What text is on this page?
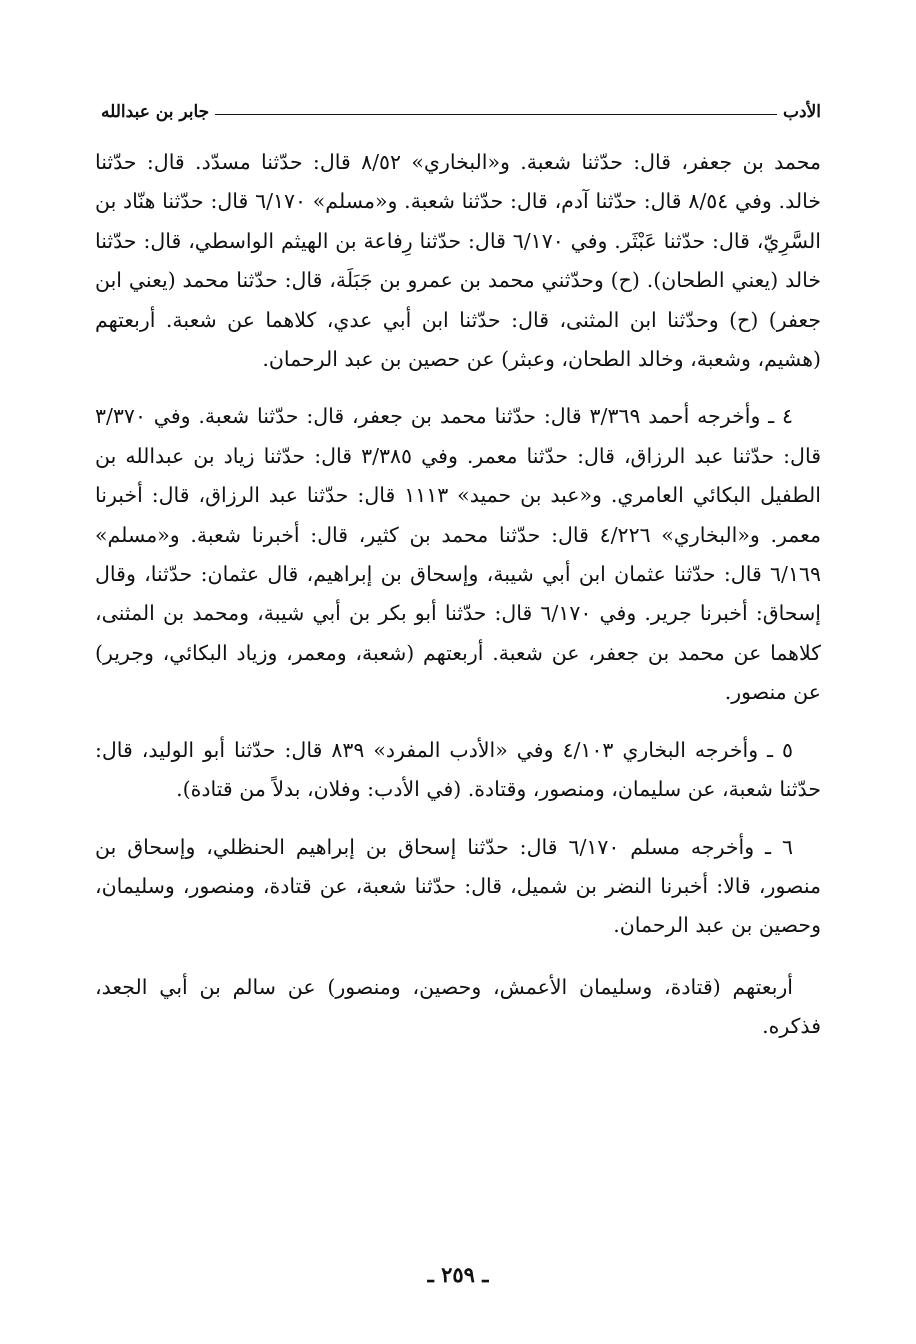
الأدب
جابر بن عبدالله

محمد بن جعفر، قال: حدّثنا شعبة. و«البخاري» ٨/٥٢ قال: حدّثنا مسدّد. قال: حدّثنا خالد. وفي ٨/٥٤ قال: حدّثنا آدم، قال: حدّثنا شعبة. و«مسلم» ٦/١٧٠ قال: حدّثنا هنّاد بن السَّرِيّ، قال: حدّثنا عَبْثَر. وفي ٦/١٧٠ قال: حدّثنا رِفاعة بن الهيثم الواسطي، قال: حدّثنا خالد (يعني الطحان). (ح) وحدّثني محمد بن عمرو بن جَبَلَة، قال: حدّثنا محمد (يعني ابن جعفر) (ح) وحدّثنا ابن المثنى، قال: حدّثنا ابن أبي عدي، كلاهما عن شعبة. أربعتهم (هشيم، وشعبة، وخالد الطحان، وعبثر) عن حصين بن عبد الرحمان.

٤ ـ وأخرجه أحمد ٣/٣٦٩ قال: حدّثنا محمد بن جعفر، قال: حدّثنا شعبة. وفي ٣/٣٧٠ قال: حدّثنا عبد الرزاق، قال: حدّثنا معمر. وفي ٣/٣٨٥ قال: حدّثنا زياد بن عبدالله بن الطفيل البكائي العامري. و«عبد بن حميد» ١١١٣ قال: حدّثنا عبد الرزاق، قال: أخبرنا معمر. و«البخاري» ٤/٢٢٦ قال: حدّثنا محمد بن كثير، قال: أخبرنا شعبة. و«مسلم» ٦/١٦٩ قال: حدّثنا عثمان ابن أبي شيبة، وإسحاق بن إبراهيم، قال عثمان: حدّثنا، وقال إسحاق: أخبرنا جرير. وفي ٦/١٧٠ قال: حدّثنا أبو بكر بن أبي شيبة، ومحمد بن المثنى، كلاهما عن محمد بن جعفر، عن شعبة. أربعتهم (شعبة، ومعمر، وزياد البكائي، وجرير) عن منصور.

٥ ـ وأخرجه البخاري ٤/١٠٣ وفي «الأدب المفرد» ٨٣٩ قال: حدّثنا أبو الوليد، قال: حدّثنا شعبة، عن سليمان، ومنصور، وقتادة. (في الأدب: وفلان، بدلاً من قتادة).

٦ ـ وأخرجه مسلم ٦/١٧٠ قال: حدّثنا إسحاق بن إبراهيم الحنظلي، وإسحاق بن منصور، قالا: أخبرنا النضر بن شميل، قال: حدّثنا شعبة، عن قتادة، ومنصور، وسليمان، وحصين بن عبد الرحمان.

أربعتهم (قتادة، وسليمان الأعمش، وحصين، ومنصور) عن سالم بن أبي الجعد، فذكره.

ـ ٢٥٩ ـ
